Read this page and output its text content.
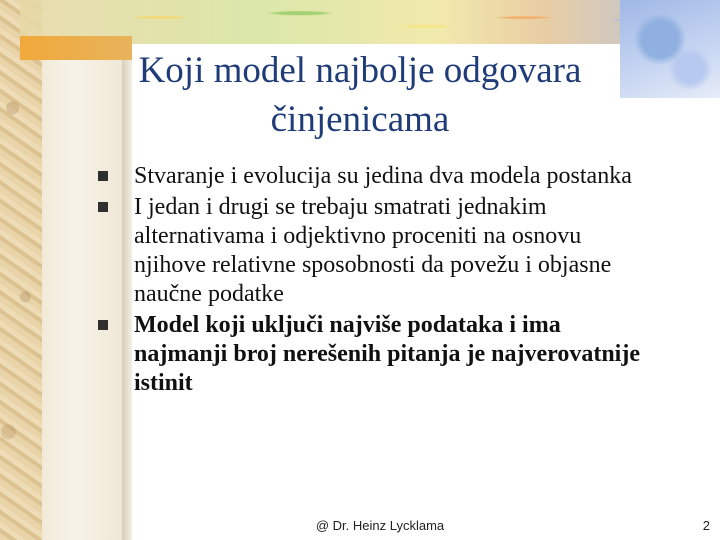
Koji model najbolje odgovara činjenicama
Stvaranje i evolucija su jedina dva modela postanka
I jedan i drugi se trebaju smatrati jednakim alternativama i odjektivno proceniti na osnovu njihove relativne sposobnosti da povežu i objasne naučne podatke
Model koji uključi najviše podataka i ima najmanji broj nerešenih pitanja je najverovatnije istinit
@ Dr. Heinz Lycklama	2
